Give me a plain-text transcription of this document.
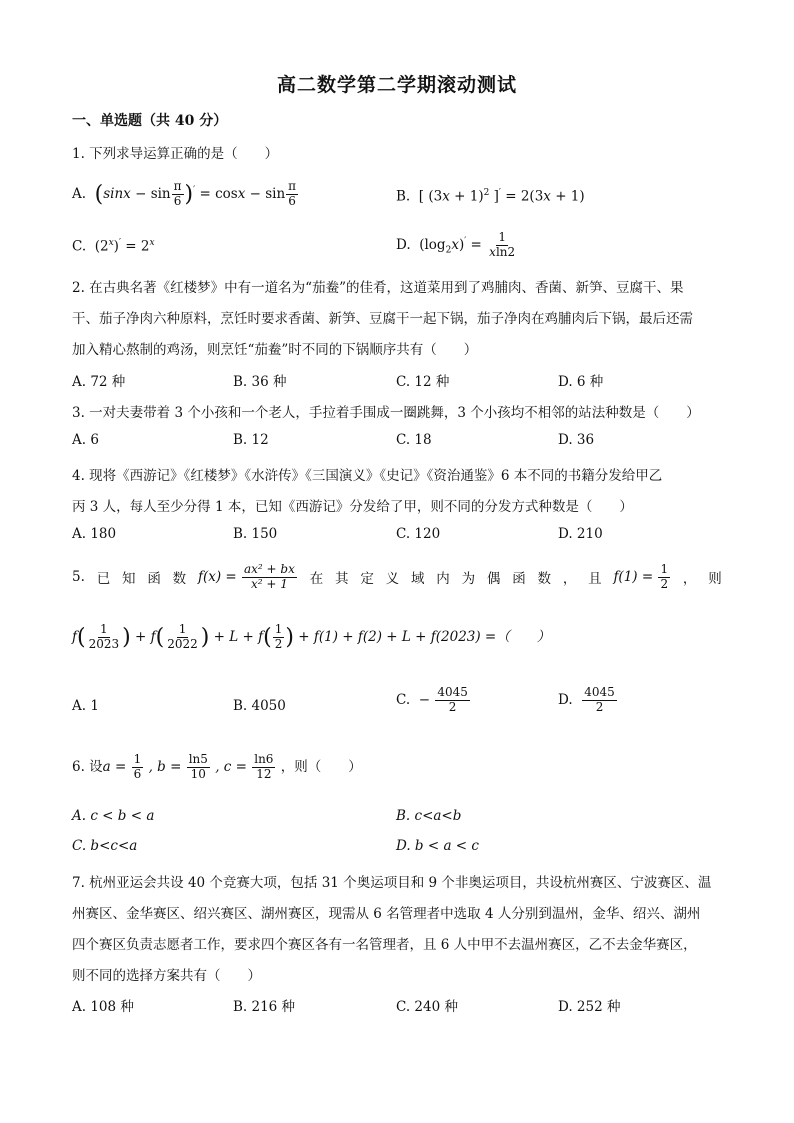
高二数学第二学期滚动测试
一、单选题（共 40 分）
1. 下列求导运算正确的是（　　）
A. $(\sin x - \sin \frac{\pi}{6} )' = \cos x - \sin \frac{\pi}{6}$	B.  [ $(3x + 1)^2$ ]′ = 2(3x + 1)
C.  $(2^x)' = 2^x$	D.  $(\log_2x)' = \frac{1}{xln2}$
2. 在古典名著《红楼梦》中有一道名为“茄鲞”的佳肴，这道菜用到了鸡脯肉、香菌、新笋、豆腐干、果
干、茄子净肉六种原料，烹饪时要求香菌、新笋、豆腐干一起下锅，茄子净肉在鸡脯肉后下锅，最后还需
加入精心熬制的鸡汤，则烹饪“茄鲞”时不同的下锅顺序共有（　　）
A. 72 种	B. 36 种	C. 12 种	D. 6 种
3. 一对夫妻带着 3 个小孩和一个老人，手拉着手围成一圈跳舞，3 个小孩均不相邻的站法种数是（　　）
A. 6	B. 12	C. 18	D. 36
4. 现将《西游记》《红楼梦》《水浒传》《三国演义》《史记》《资治通鉴》6 本不同的书籍分发给甲乙
丙 3 人，每人至少分得 1 本，已知《西游记》分发给了甲，则不同的分发方式种数是（　　）
A. 180	B. 150	C. 120	D. 210
5. 已 知 函 数 $f(x) = \frac{\text{ax² + bx}}{\text{x² + 1}}$ 在 其 定 义 域 内 为 偶 函 数 ， 且 $f(1) = \frac{1}{2}$ ， 则
$f( \frac{1}{2023}$ ) + $f( \frac{1}{2022}$ ) + $L + f( \frac{1}{2}$ ) + f(1) + f(2) + L + f(2023) =（　　）
A. 1	B. 4050	C. − $\frac{4045}{2}$	D. $\frac{4045}{2}$
6. 设$a = \frac{1}{6}$ , $b = \frac{\ln 5}{10}$ , $c = \frac{\ln 6}{12}$ ，则（　　）
A. c < b < a	B. c<a<b
C. b<c<a	D. b < a < c
7. 杭州亚运会共设 40 个竞赛大项，包括 31 个奥运项目和 9 个非奥运项目，共设杭州赛区、宁波赛区、温
州赛区、金华赛区、绍兴赛区、湖州赛区，现需从 6 名管理者中选取 4 人分别到温州，金华、绍兴、湖州
四个赛区负责志愿者工作，要求四个赛区各有一名管理者，且 6 人中甲不去温州赛区，乙不去金华赛区，
则不同的选择方案共有（　　）
A. 108 种	B. 216 种	C. 240 种	D. 252 种
